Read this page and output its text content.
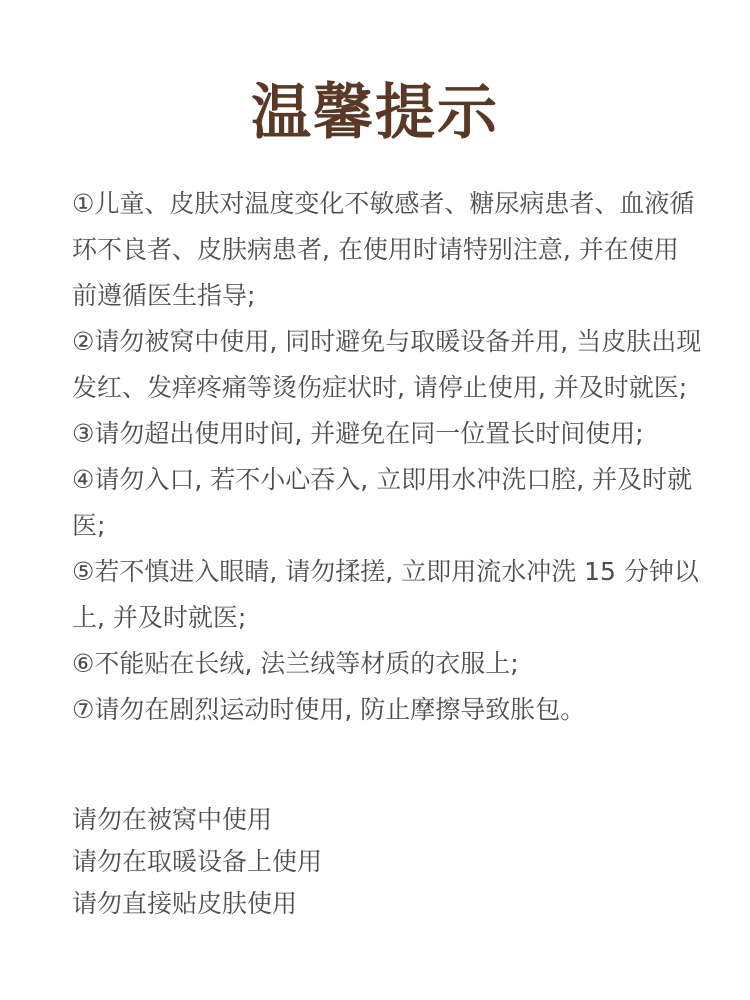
温馨提示
①儿童、皮肤对温度变化不敏感者、糖尿病患者、血液循环不良者、皮肤病患者, 在使用时请特别注意, 并在使用前遵循医生指导;
②请勿被窝中使用, 同时避免与取暖设备并用, 当皮肤出现发红、发痒疼痛等烫伤症状时, 请停止使用, 并及时就医;
③请勿超出使用时间, 并避免在同一位置长时间使用;
④请勿入口, 若不小心吞入, 立即用水冲洗口腔, 并及时就医;
⑤若不慎进入眼睛, 请勿揉搓, 立即用流水冲洗 15 分钟以上, 并及时就医;
⑥不能贴在长绒, 法兰绒等材质的衣服上;
⑦请勿在剧烈运动时使用, 防止摩擦导致胀包。
请勿在被窝中使用
请勿在取暖设备上使用
请勿直接贴皮肤使用
